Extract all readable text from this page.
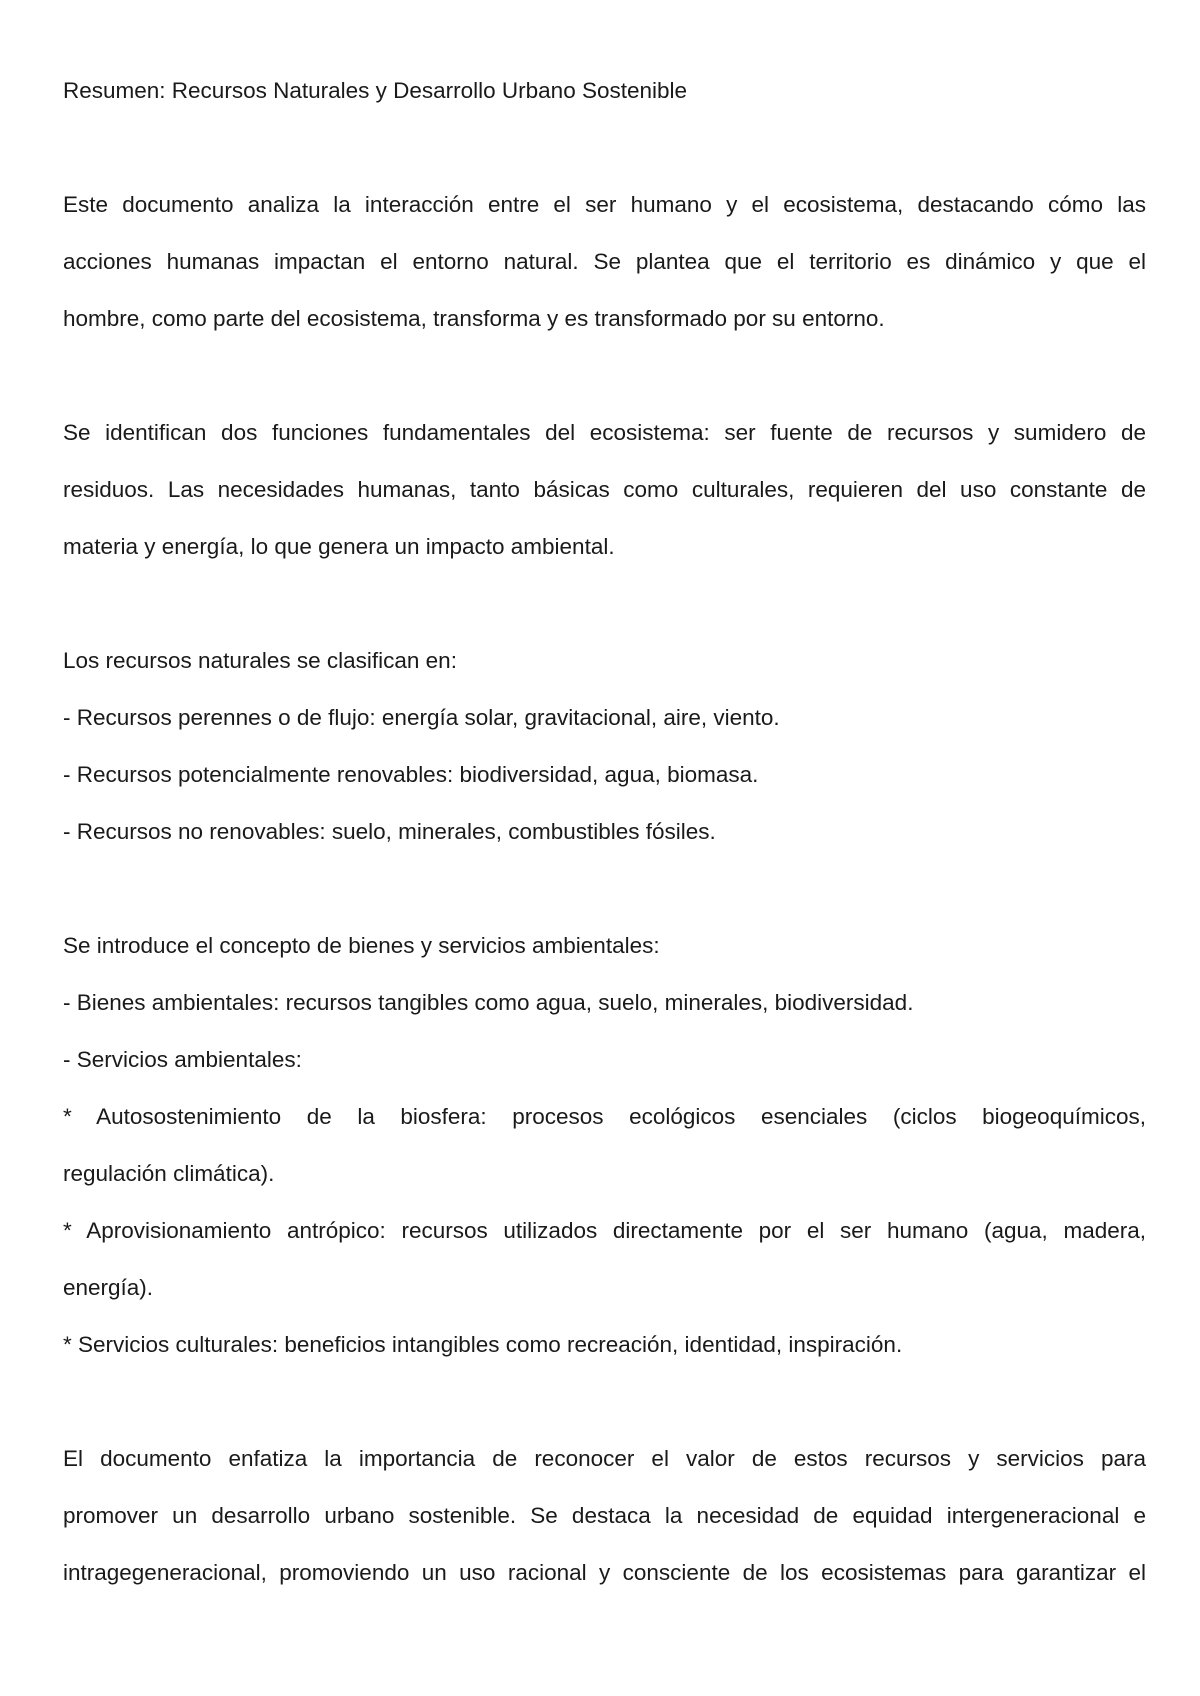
Resumen: Recursos Naturales y Desarrollo Urbano Sostenible
Este documento analiza la interacción entre el ser humano y el ecosistema, destacando cómo las
acciones humanas impactan el entorno natural. Se plantea que el territorio es dinámico y que el
hombre, como parte del ecosistema, transforma y es transformado por su entorno.
Se identifican dos funciones fundamentales del ecosistema: ser fuente de recursos y sumidero de
residuos. Las necesidades humanas, tanto básicas como culturales, requieren del uso constante de
materia y energía, lo que genera un impacto ambiental.
Los recursos naturales se clasifican en:
- Recursos perennes o de flujo: energía solar, gravitacional, aire, viento.
- Recursos potencialmente renovables: biodiversidad, agua, biomasa.
- Recursos no renovables: suelo, minerales, combustibles fósiles.
Se introduce el concepto de bienes y servicios ambientales:
- Bienes ambientales: recursos tangibles como agua, suelo, minerales, biodiversidad.
- Servicios ambientales:
* Autosostenimiento de la biosfera: procesos ecológicos esenciales (ciclos biogeoquímicos,
regulación climática).
* Aprovisionamiento antrópico: recursos utilizados directamente por el ser humano (agua, madera,
energía).
* Servicios culturales: beneficios intangibles como recreación, identidad, inspiración.
El documento enfatiza la importancia de reconocer el valor de estos recursos y servicios para
promover un desarrollo urbano sostenible. Se destaca la necesidad de equidad intergeneracional e
intragegeneracional, promoviendo un uso racional y consciente de los ecosistemas para garantizar el
